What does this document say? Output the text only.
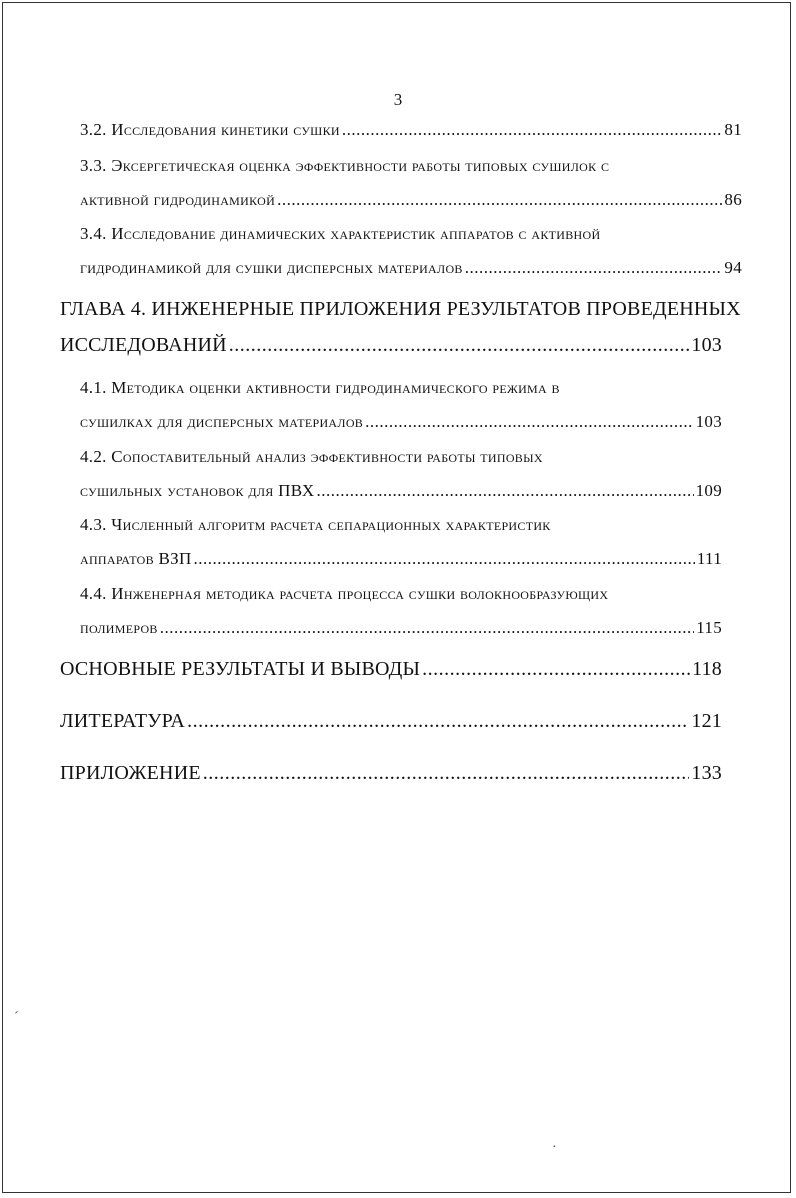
3
3.2. Исследования кинетики сушки .....	81
3.3. Эксергетическая оценка эффективности работы типовых сушилок с
активной гидродинамикой .....	86
3.4. Исследование динамических характеристик аппаратов с активной
гидродинамикой для сушки дисперсных материалов .....	94
ГЛАВА 4. ИНЖЕНЕРНЫЕ ПРИЛОЖЕНИЯ РЕЗУЛЬТАТОВ ПРОВЕДЕННЫХ
ИССЛЕДОВАНИЙ .....	103
4.1. Методика оценки активности гидродинамического режима в
сушилках для дисперсных материалов .....	103
4.2. Сопоставительный анализ эффективности работы типовых
сушильных установок для ПВХ .....	109
4.3. Численный алгоритм расчета сепарационных характеристик
аппаратов ВЗП .....	111
4.4. Инженерная методика расчета процесса сушки волокнообразующих
полимеров .....	115
ОСНОВНЫЕ РЕЗУЛЬТАТЫ И ВЫВОДЫ .....	118
ЛИТЕРАТУРА .....	121
ПРИЛОЖЕНИЕ .....	133
ˊ
·
